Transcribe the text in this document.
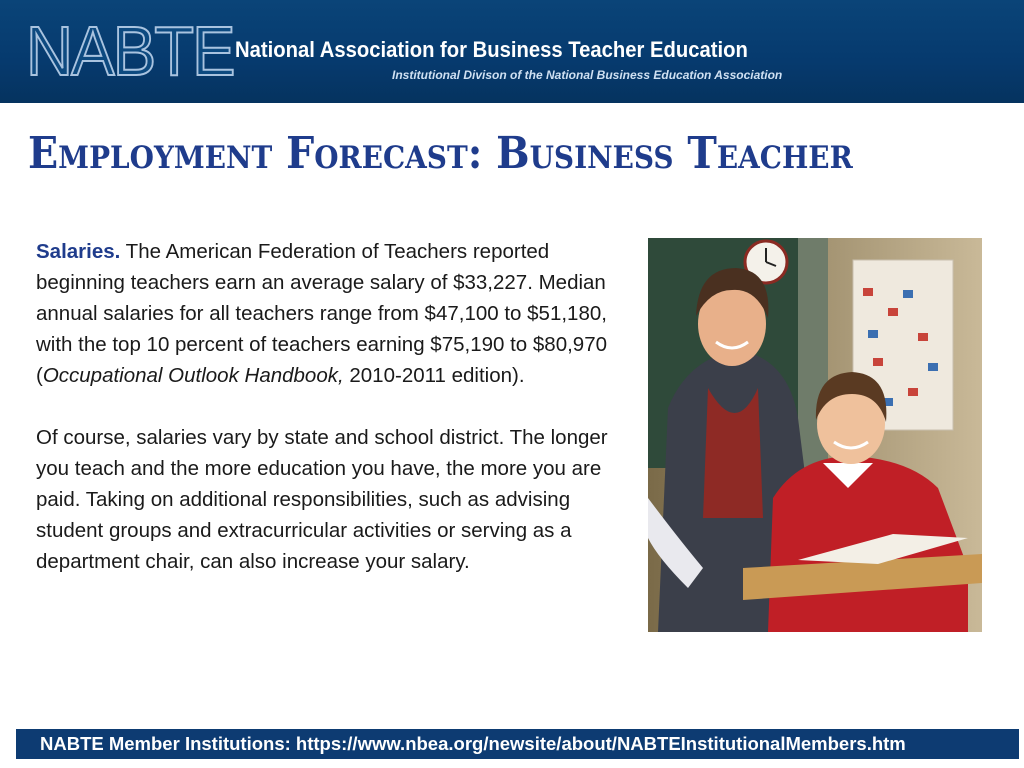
NABTE National Association for Business Teacher Education
Institutional Divison of the National Business Education Association
Employment Forecast: Business Teacher

Salaries. The American Federation of Teachers reported beginning teachers earn an average salary of $33,227. Median annual salaries for all teachers range from $47,100 to $51,180, with the top 10 percent of teachers earning $75,190 to $80,970 (Occupational Outlook Handbook, 2010-2011 edition).

Of course, salaries vary by state and school district. The longer you teach and the more education you have, the more you are paid. Taking on additional responsibilities, such as advising student groups and extracurricular activities or serving as a department chair, can also increase your salary.

NABTE Member Institutions: https://www.nbea.org/newsite/about/NABTEInstitutionalMembers.htm
